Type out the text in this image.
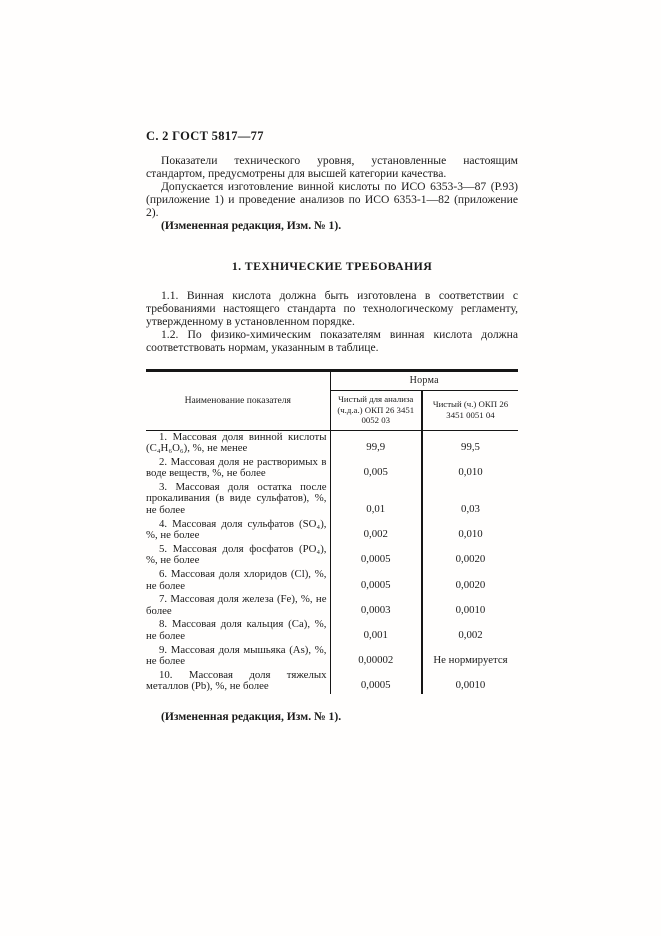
С. 2 ГОСТ 5817—77

Показатели технического уровня, установленные настоящим стандартом, предусмотрены для высшей категории качества.

Допускается изготовление винной кислоты по ИСО 6353-3—87 (Р.93) (приложение 1) и проведение анализов по ИСО 6353-1—82 (приложение 2).

(Измененная редакция, Изм. № 1).

1. ТЕХНИЧЕСКИЕ ТРЕБОВАНИЯ

1.1. Винная кислота должна быть изготовлена в соответствии с требованиями настоящего стандарта по технологическому регламенту, утвержденному в установленном порядке.

1.2. По физико-химическим показателям винная кислота должна соответствовать нормам, указанным в таблице.

Наименование показателя	Норма	
	Чистый для анализа (ч.д.а.) ОКП 26 3451 0052 03	Чистый (ч.) ОКП 26 3451 0051 04
1. Массовая доля винной кислоты (C₄H₆O₆), %, не менее	99,9	99,5
2. Массовая доля не растворимых в воде веществ, %, не более	0,005	0,010
3. Массовая доля остатка после прокаливания (в виде сульфатов), %, не более	0,01	0,03
4. Массовая доля сульфатов (SO₄), %, не более	0,002	0,010
5. Массовая доля фосфатов (PO₄), %, не более	0,0005	0,0020
6. Массовая доля хлоридов (Cl), %, не более	0,0005	0,0020
7. Массовая доля железа (Fe), %, не более	0,0003	0,0010
8. Массовая доля кальция (Ca), %, не более	0,001	0,002
9. Массовая доля мышьяка (As), %, не более	0,00002	Не нормируется
10. Массовая доля тяжелых металлов (Pb), %, не более	0,0005	0,0010

(Измененная редакция, Изм. № 1).
